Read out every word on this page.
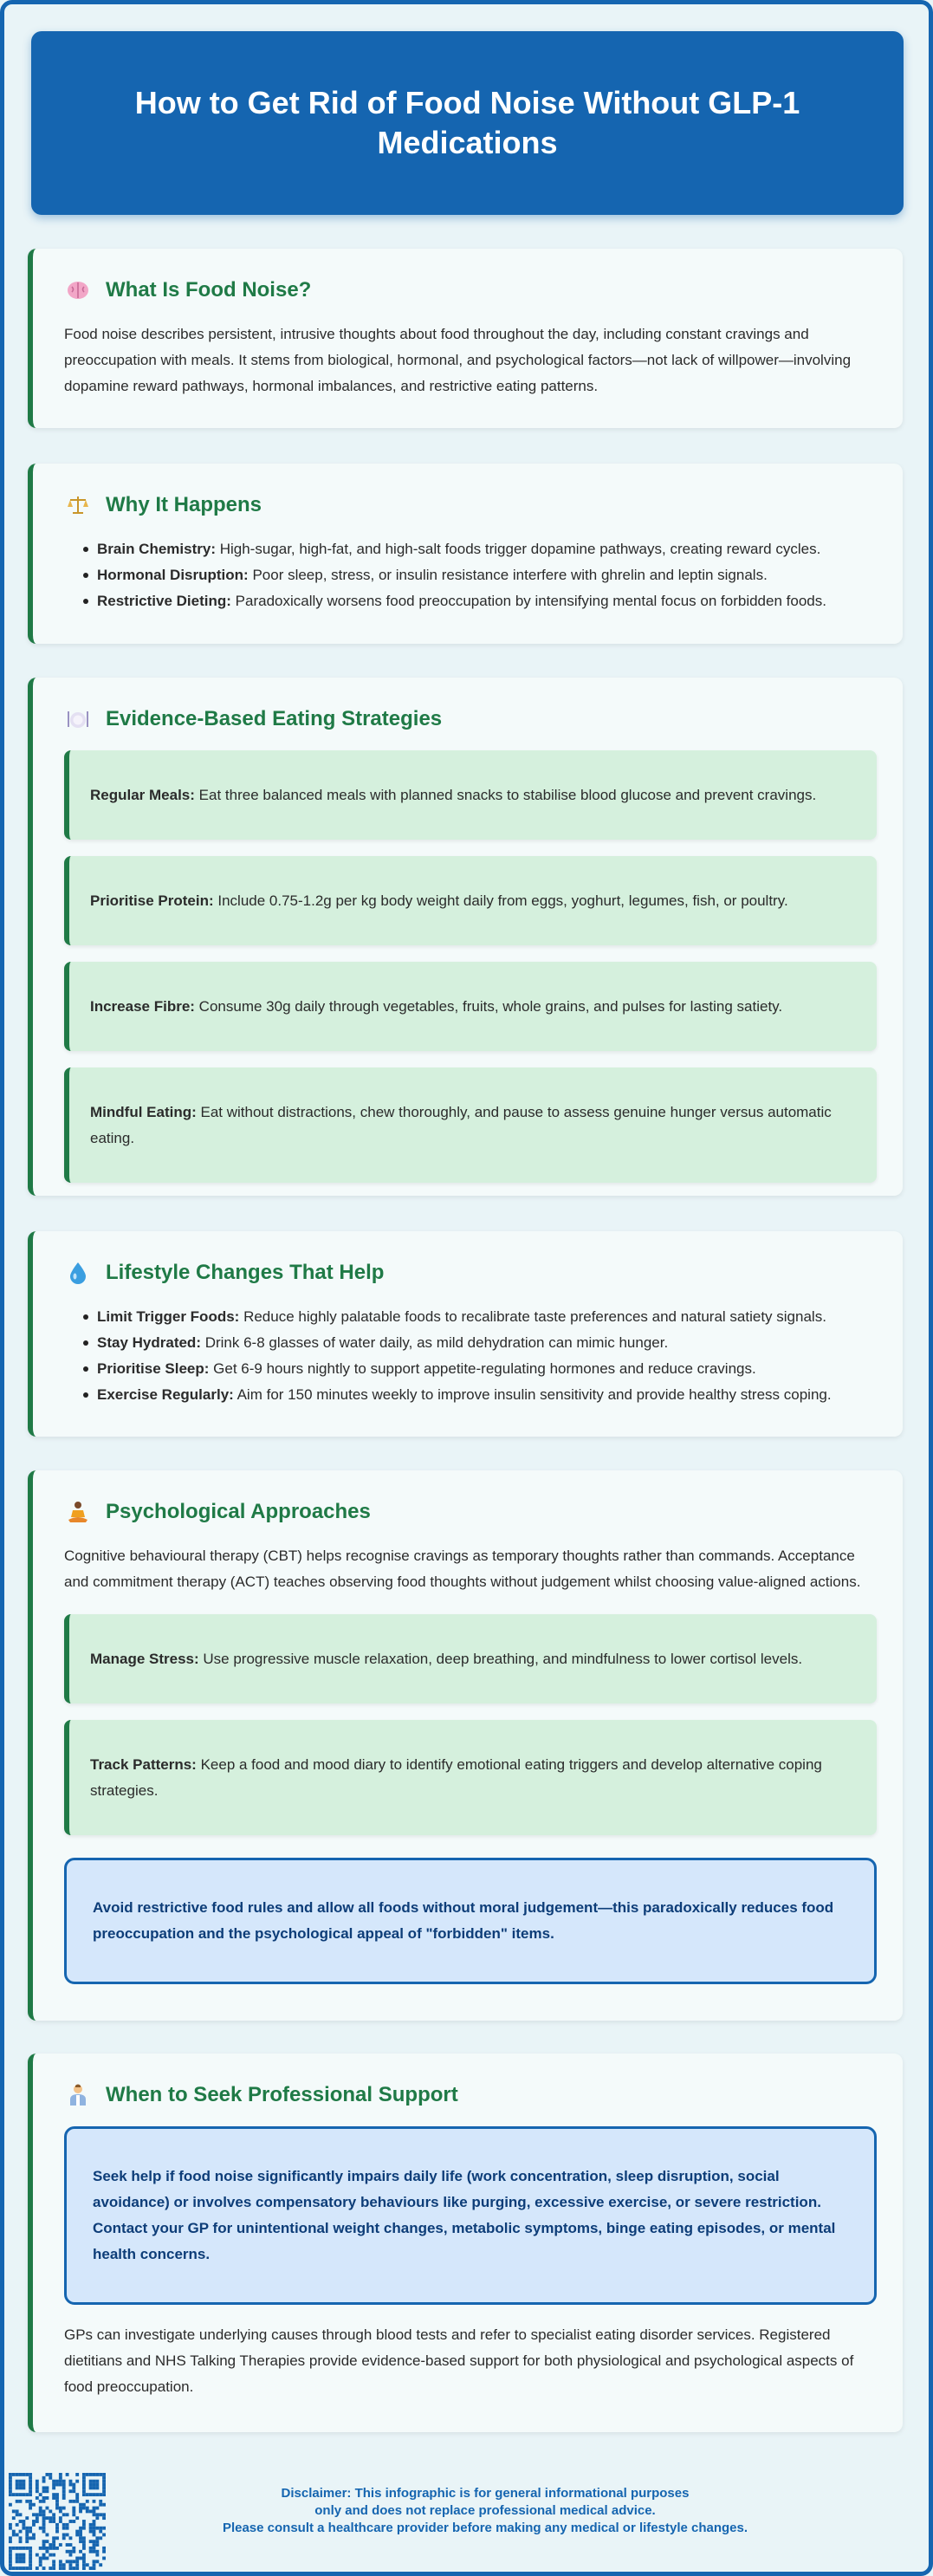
How to Get Rid of Food Noise Without GLP-1 Medications
What Is Food Noise?

Food noise describes persistent, intrusive thoughts about food throughout the day, including constant cravings and preoccupation with meals. It stems from biological, hormonal, and psychological factors—not lack of willpower—involving dopamine reward pathways, hormonal imbalances, and restrictive eating patterns.

Why It Happens
Brain Chemistry: High-sugar, high-fat, and high-salt foods trigger dopamine pathways, creating reward cycles.
Hormonal Disruption: Poor sleep, stress, or insulin resistance interfere with ghrelin and leptin signals.
Restrictive Dieting: Paradoxically worsens food preoccupation by intensifying mental focus on forbidden foods.
Evidence-Based Eating Strategies

Regular Meals: Eat three balanced meals with planned snacks to stabilise blood glucose and prevent cravings.

Prioritise Protein: Include 0.75-1.2g per kg body weight daily from eggs, yoghurt, legumes, fish, or poultry.

Increase Fibre: Consume 30g daily through vegetables, fruits, whole grains, and pulses for lasting satiety.

Mindful Eating: Eat without distractions, chew thoroughly, and pause to assess genuine hunger versus automatic eating.

Lifestyle Changes That Help
Limit Trigger Foods: Reduce highly palatable foods to recalibrate taste preferences and natural satiety signals.
Stay Hydrated: Drink 6-8 glasses of water daily, as mild dehydration can mimic hunger.
Prioritise Sleep: Get 6-9 hours nightly to support appetite-regulating hormones and reduce cravings.
Exercise Regularly: Aim for 150 minutes weekly to improve insulin sensitivity and provide healthy stress coping.
Psychological Approaches

Cognitive behavioural therapy (CBT) helps recognise cravings as temporary thoughts rather than commands. Acceptance and commitment therapy (ACT) teaches observing food thoughts without judgement whilst choosing value-aligned actions.

Manage Stress: Use progressive muscle relaxation, deep breathing, and mindfulness to lower cortisol levels.

Track Patterns: Keep a food and mood diary to identify emotional eating triggers and develop alternative coping strategies.

Avoid restrictive food rules and allow all foods without moral judgement—this paradoxically reduces food preoccupation and the psychological appeal of "forbidden" items.

When to Seek Professional Support

Seek help if food noise significantly impairs daily life (work concentration, sleep disruption, social avoidance) or involves compensatory behaviours like purging, excessive exercise, or severe restriction. Contact your GP for unintentional weight changes, metabolic symptoms, binge eating episodes, or mental health concerns.

GPs can investigate underlying causes through blood tests and refer to specialist eating disorder services. Registered dietitians and NHS Talking Therapies provide evidence-based support for both physiological and psychological aspects of food preoccupation.

Disclaimer: This infographic is for general informational purposes
only and does not replace professional medical advice.
Please consult a healthcare provider before making any medical or lifestyle changes.
